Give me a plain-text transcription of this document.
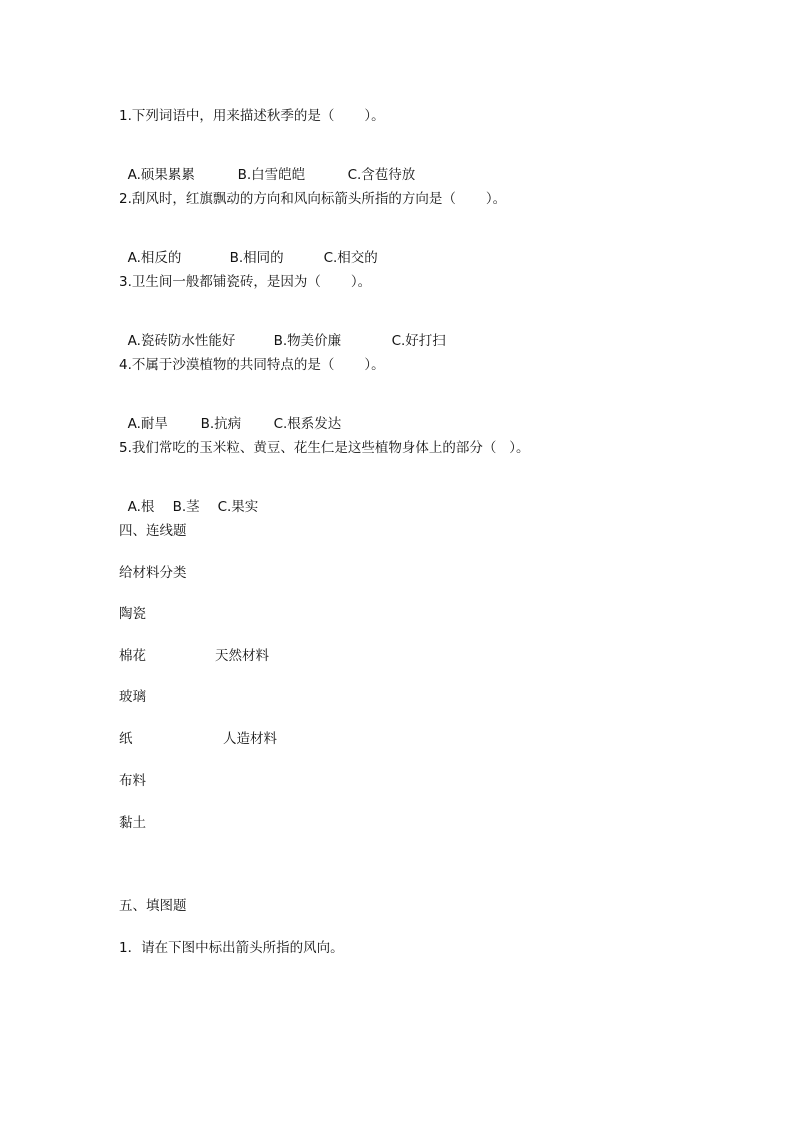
1.下列词语中，用来描述秋季的是（       ）。

A.硕果累累	B.白雪皑皑	C.含苞待放

2.刮风时，红旗飘动的方向和风向标箭头所指的方向是（       ）。

A.相反的	B.相同的	C.相交的

3.卫生间一般都铺瓷砖，是因为（       ）。

A.瓷砖防水性能好	B.物美价廉	C.好打扫

4.不属于沙漠植物的共同特点的是（       ）。

A.耐旱 B.抗病 C.根系发达

5.我们常吃的玉米粒、黄豆、花生仁是这些植物身体上的部分（   ）。

A.根 B.茎 C.果实

四、连线题
给材料分类
陶瓷
棉花	天然材料
玻璃
纸	人造材料
布料
黏土
五、填图题
1．请在下图中标出箭头所指的风向。
